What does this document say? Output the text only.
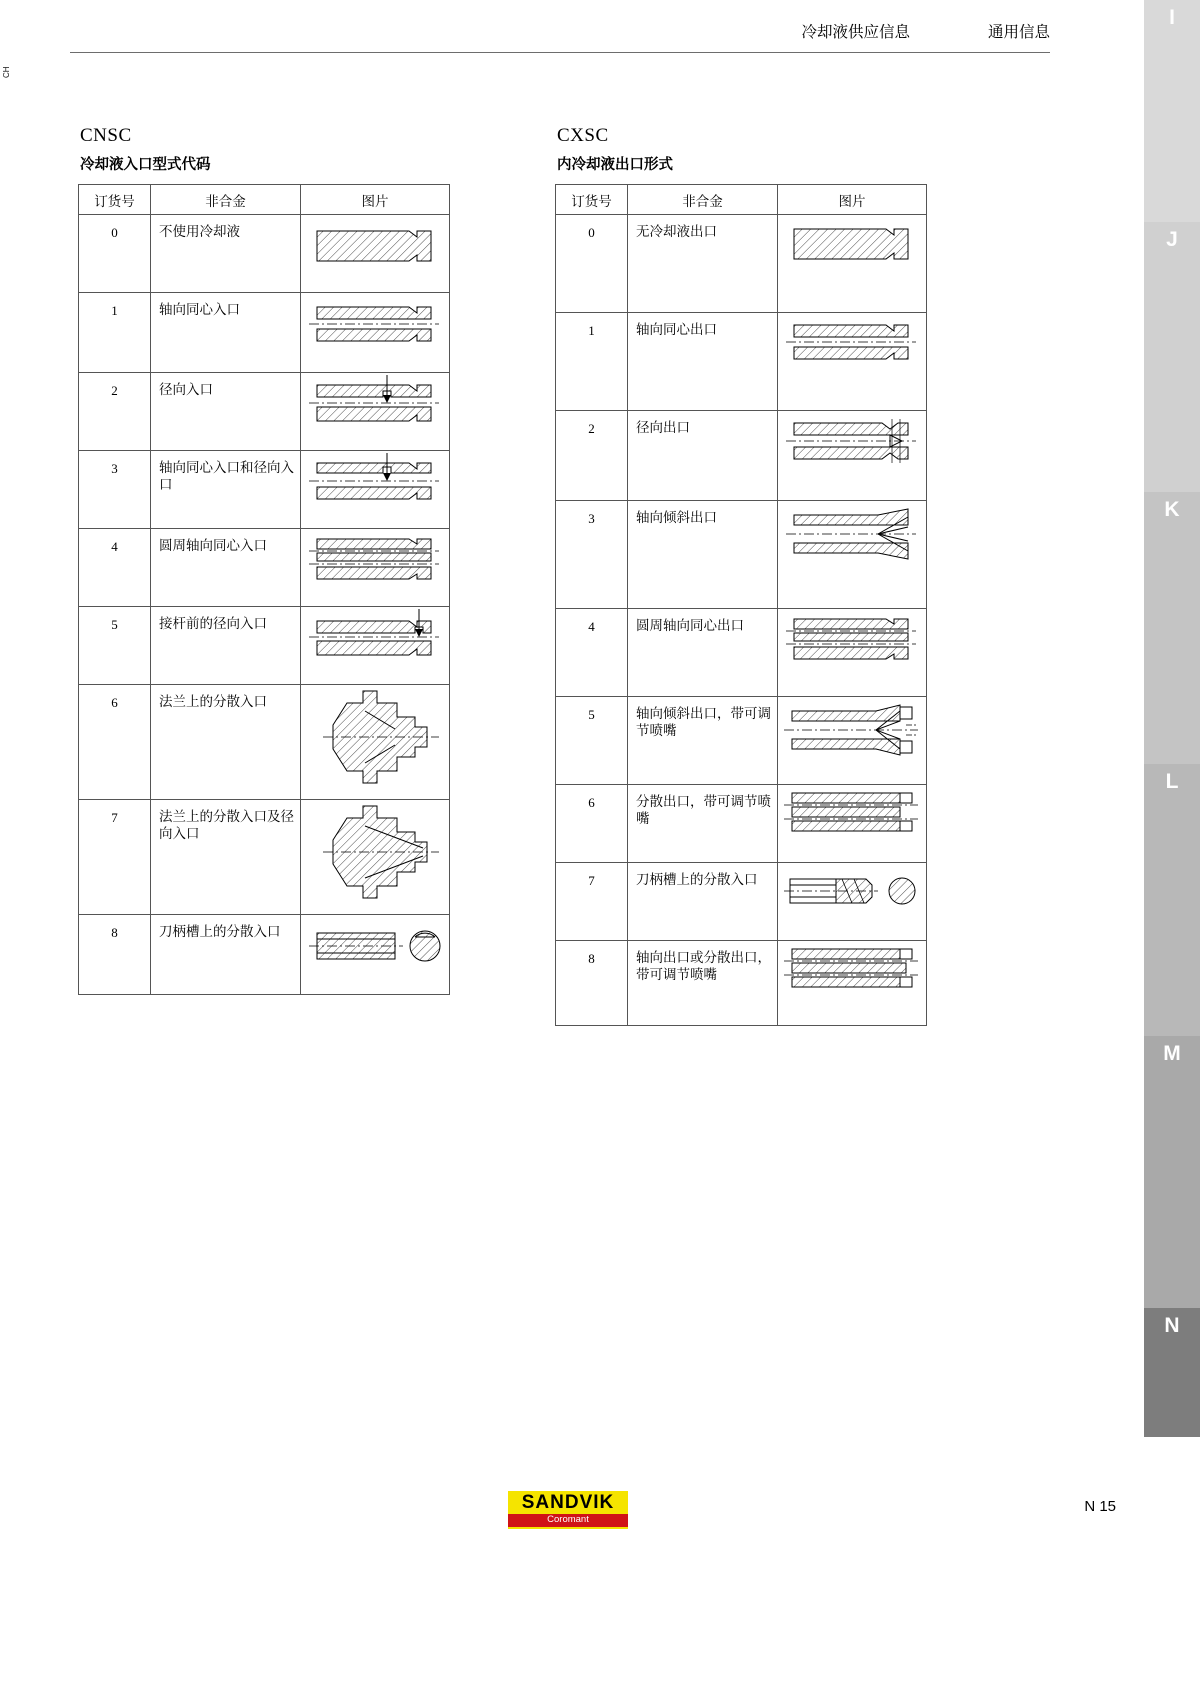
冷却液供应信息	通用信息
CH
I
J
K
L
M
N
CNSC
冷却液入口型式代码
订货号	非合金	图片
0	不使用冷却液	

1	轴向同心入口	

2	径向入口	

3	轴向同心入口和径向入口	

4	圆周轴向同心入口	

5	接杆前的径向入口	

6	法兰上的分散入口	

7	法兰上的分散入口及径向入口	

8	刀柄槽上的分散入口	
CXSC
内冷却液出口形式
订货号	非合金	图片
0	无冷却液出口	

1	轴向同心出口	

2	径向出口	

3	轴向倾斜出口	

4	圆周轴向同心出口	

5	轴向倾斜出口，带可调节喷嘴	

6	分散出口，带可调节喷嘴	

7	刀柄槽上的分散入口	

8	轴向出口或分散出口，带可调节喷嘴	
SANDVIK
Coromant
N 15
